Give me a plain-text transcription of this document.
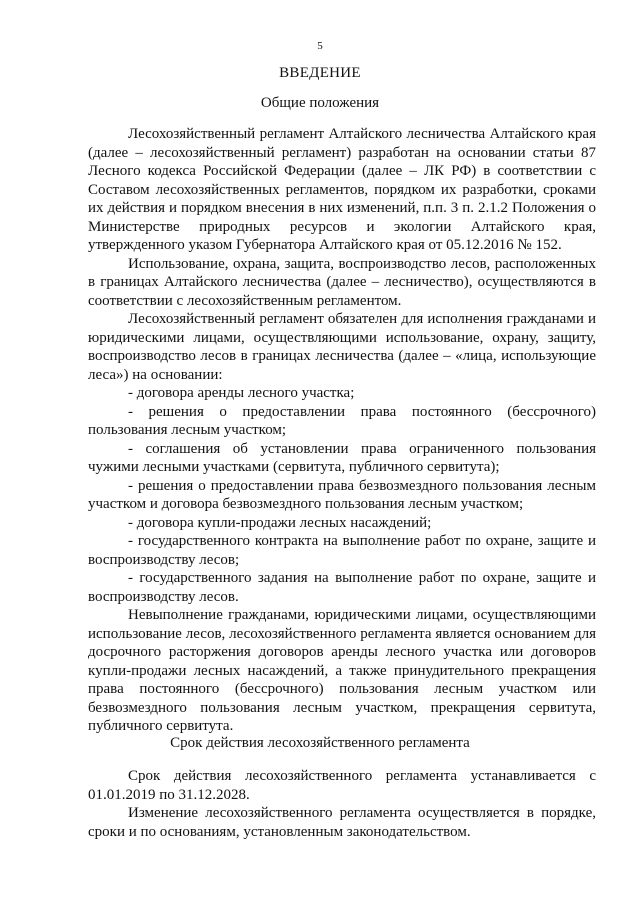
5
ВВЕДЕНИЕ
Общие положения

Лесохозяйственный регламент Алтайского лесничества Алтайского края (далее – лесохозяйственный регламент) разработан на основании статьи 87 Лесного кодекса Российской Федерации (далее – ЛК РФ) в соответствии с Составом лесохозяйственных регламентов, порядком их разработки, сроками их действия и порядком внесения в них изменений, п.п. 3 п. 2.1.2 Положения о Министерстве природных ресурсов и экологии Алтайского края, утвержденного указом Губернатора Алтайского края от 05.12.2016 № 152.

Использование, охрана, защита, воспроизводство лесов, расположенных в границах Алтайского лесничества (далее – лесничество), осуществляются в соответствии с лесохозяйственным регламентом.

Лесохозяйственный регламент обязателен для исполнения гражданами и юридическими лицами, осуществляющими использование, охрану, защиту, воспроизводство лесов в границах лесничества (далее – «лица, использующие леса») на основании:

- договора аренды лесного участка;

- решения о предоставлении права постоянного (бессрочного) пользования лесным участком;

- соглашения об установлении права ограниченного пользования чужими лесными участками (сервитута, публичного сервитута);

- решения о предоставлении права безвозмездного пользования лесным участком и договора безвозмездного пользования лесным участком;

- договора купли-продажи лесных насаждений;

- государственного контракта на выполнение работ по охране, защите и воспроизводству лесов;

- государственного задания на выполнение работ по охране, защите и воспроизводству лесов.

Невыполнение гражданами, юридическими лицами, осуществляющими использование лесов, лесохозяйственного регламента является основанием для досрочного расторжения договоров аренды лесного участка или договоров купли-продажи лесных насаждений, а также принудительного прекращения права постоянного (бессрочного) пользования лесным участком или безвозмездного пользования лесным участком, прекращения сервитута, публичного сервитута.

Срок действия лесохозяйственного регламента

Срок действия лесохозяйственного регламента устанавливается с 01.01.2019 по 31.12.2028.

Изменение лесохозяйственного регламента осуществляется в порядке, сроки и по основаниям, установленным законодательством.
